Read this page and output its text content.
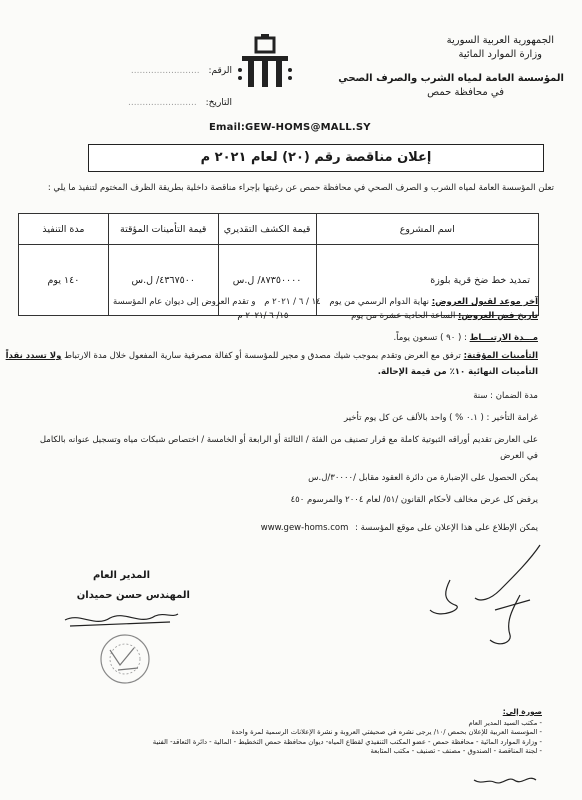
الجمهورية العربية السورية
وزارة الموارد المائية
المؤسسة العامة لمياه الشرب والصرف الصحي
في محافظة حمص
الرقم: ........................
التاريخ: ........................
Email:GEW-HOMS@MALL.SY
إعلان مناقصة رقم (٢٠) لعام ٢٠٢١ م
تعلن المؤسسة العامة لمياه الشرب و الصرف الصحي في محافظة حمص عن رغبتها بإجراء مناقصة داخلية بطريقة الظرف المختوم لتنفيذ ما يلي :
اسم المشروع	قيمة الكشف التقديري	قيمة التأمينات المؤقتة	مدة التنفيذ
تمديد خط ضخ قرية بلوزة	٨٧٣٥٠٠٠٠/ ل.س	٤٣٦٧٥٠٠/ ل.س	١٤٠ يوم
آخر موعد لقبول العروض: نهاية الدوام الرسمي من يوم ١٤ / ٦ / ٢٠٢١ م و تقدم العروض إلى ديوان عام المؤسسة
تاريخ فض العروض: الساعة الحادية عشرة من يوم ١٥/ ٦ /٢٠٢١ م
مـــدة الارتبـــاط : ( ٩٠ ) تسعون يوماً.
التأمينات المؤقتة: ترفق مع العرض وتقدم بموجب شيك مصدق و مجير للمؤسسة أو كفالة مصرفية سارية المفعول خلال مدة الارتباط ولا تسدد نقداً
التأمينات النهائية ١٠٪ من قيمة الإحالة.
مدة الضمان : سنة
غرامة التأخير : ( ٠.١ % ) واحد بالألف عن كل يوم تأخير
على العارض تقديم أوراقه الثبوتية كاملة مع قرار تصنيف من الفئة / الثالثة أو الرابعة أو الخامسة / اختصاص شبكات مياه وتسجيل عنوانه بالكامل
في العرض
يمكن الحصول على الإضبارة من دائرة العقود مقابل /٣٠٠٠٠/ل.س
يرفض كل عرض مخالف لأحكام القانون /٥١/ لعام ٢٠٠٤ والمرسوم ٤٥٠
يمكن الإطلاع على هذا الإعلان على موقع المؤسسة : www.gew-homs.com
المدير العام
المهندس حسن حميدان
صورة إلى:
- مكتب السيد المدير العام
- المؤسسة العربية للإعلان بحمص /١٠/ يرجى نشره في صحيفتي العروبة و نشرة الإعلانات الرسمية لمرة واحدة
- وزارة الموارد المائية - محافظة حمص - عضو المكتب التنفيذي لقطاع المياه- ديوان محافظة حمص التخطيط - المالية - دائرة التعاقد- الفنية
- لجنة المناقصة - الصندوق - مصنف - تصنيف - مكتب المتابعة
